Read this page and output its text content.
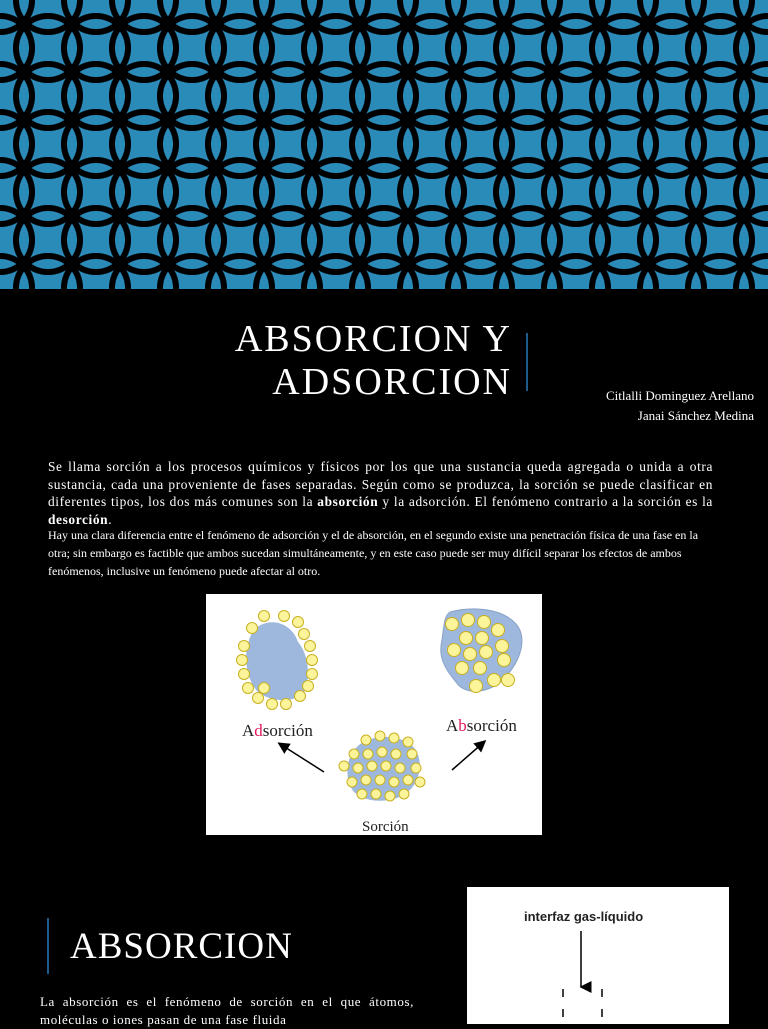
ABSORCION Y
ADSORCION	Citlalli Dominguez Arellano
Janai Sánchez Medina

Se llama sorción a los procesos químicos y físicos por los que una sustancia queda agregada o unida a otra sustancia, cada una proveniente de fases separadas. Según como se produzca, la sorción se puede clasificar en diferentes tipos, los dos más comunes son la absorción y la adsorción. El fenómeno contrario a la sorción es la desorción.

Hay una clara diferencia entre el fenómeno de adsorción y el de absorción, en el segundo existe una penetración física de una fase en la otra; sin embargo es factible que ambos sucedan simultáneamente, y en este caso puede ser muy difícil separar los efectos de ambos fenómenos, inclusive un fenómeno puede afectar al otro.

Adsorción	Absorción
Sorción
ABSORCION

La absorción es el fenómeno de sorción en el que átomos, moléculas o iones pasan de una fase fluida

interfaz gas-líquido
